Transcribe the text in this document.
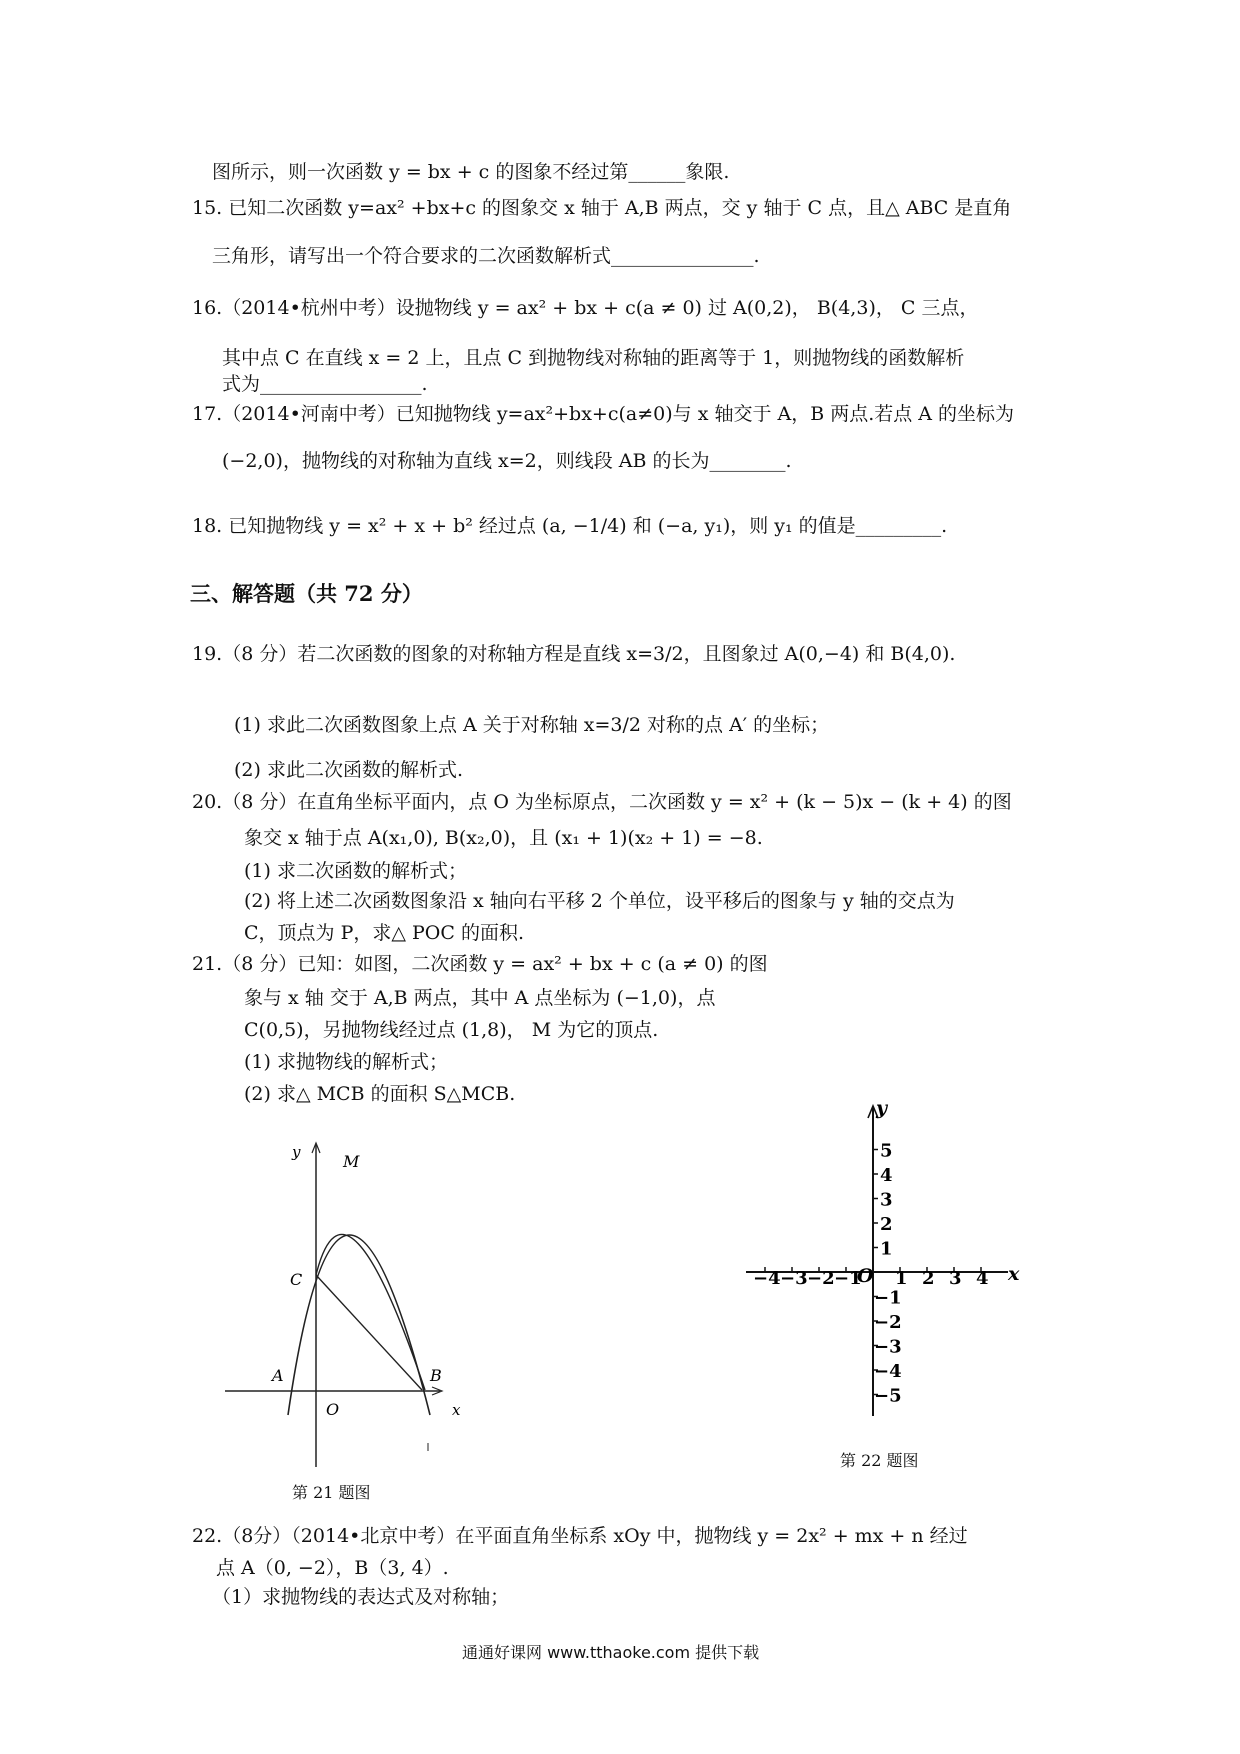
图所示，则一次函数 y = bx + c 的图象不经过第______象限.
15. 已知二次函数 y=ax² +bx+c 的图象交 x 轴于 A,B 两点，交 y 轴于 C 点，且△ ABC 是直角
三角形，请写出一个符合要求的二次函数解析式_______________.
16.（2014•杭州中考）设抛物线 y = ax² + bx + c(a ≠ 0) 过 A(0,2)， B(4,3)， C 三点，
其中点 C 在直线 x = 2 上，且点 C 到抛物线对称轴的距离等于 1，则抛物线的函数解析
式为_________________.
17.（2014•河南中考）已知抛物线 y=ax²+bx+c(a≠0)与 x 轴交于 A，B 两点.若点 A 的坐标为
(−2,0)，抛物线的对称轴为直线 x=2，则线段 AB 的长为________.
18. 已知抛物线 y = x² + x + b² 经过点 (a, −1/4) 和 (−a, y₁)，则 y₁ 的值是_________.
三、解答题（共 72 分）
19.（8 分）若二次函数的图象的对称轴方程是直线 x=3/2，且图象过 A(0,−4) 和 B(4,0).
(1) 求此二次函数图象上点 A 关于对称轴 x=3/2 对称的点 A′ 的坐标；
(2) 求此二次函数的解析式.
20.（8 分）在直角坐标平面内，点 O 为坐标原点，二次函数 y = x² + (k − 5)x − (k + 4) 的图
象交 x 轴于点 A(x₁,0), B(x₂,0)，且 (x₁ + 1)(x₂ + 1) = −8.
(1) 求二次函数的解析式；
(2) 将上述二次函数图象沿 x 轴向右平移 2 个单位，设平移后的图象与 y 轴的交点为
C，顶点为 P，求△ POC 的面积.
21.（8 分）已知：如图，二次函数 y = ax² + bx + c (a ≠ 0) 的图
象与 x 轴 交于 A,B 两点，其中 A 点坐标为 (−1,0)，点
C(0,5)，另抛物线经过点 (1,8)， M 为它的顶点.
(1) 求抛物线的解析式；
(2) 求△ MCB 的面积 S△MCB.
y	M
C
A	B
O	x
第 21 题图
y
x
O
−4 −3 −2 −1 1 2 3 4
5
4
3
2
1
−1
−2
−3
−4
−5
第 22 题图
22.（8分）（2014•北京中考）在平面直角坐标系 xOy 中，抛物线 y = 2x² + mx + n 经过
点 A（0, −2），B（3, 4）.
（1）求抛物线的表达式及对称轴；
通通好课网 www.tthaoke.com 提供下载
